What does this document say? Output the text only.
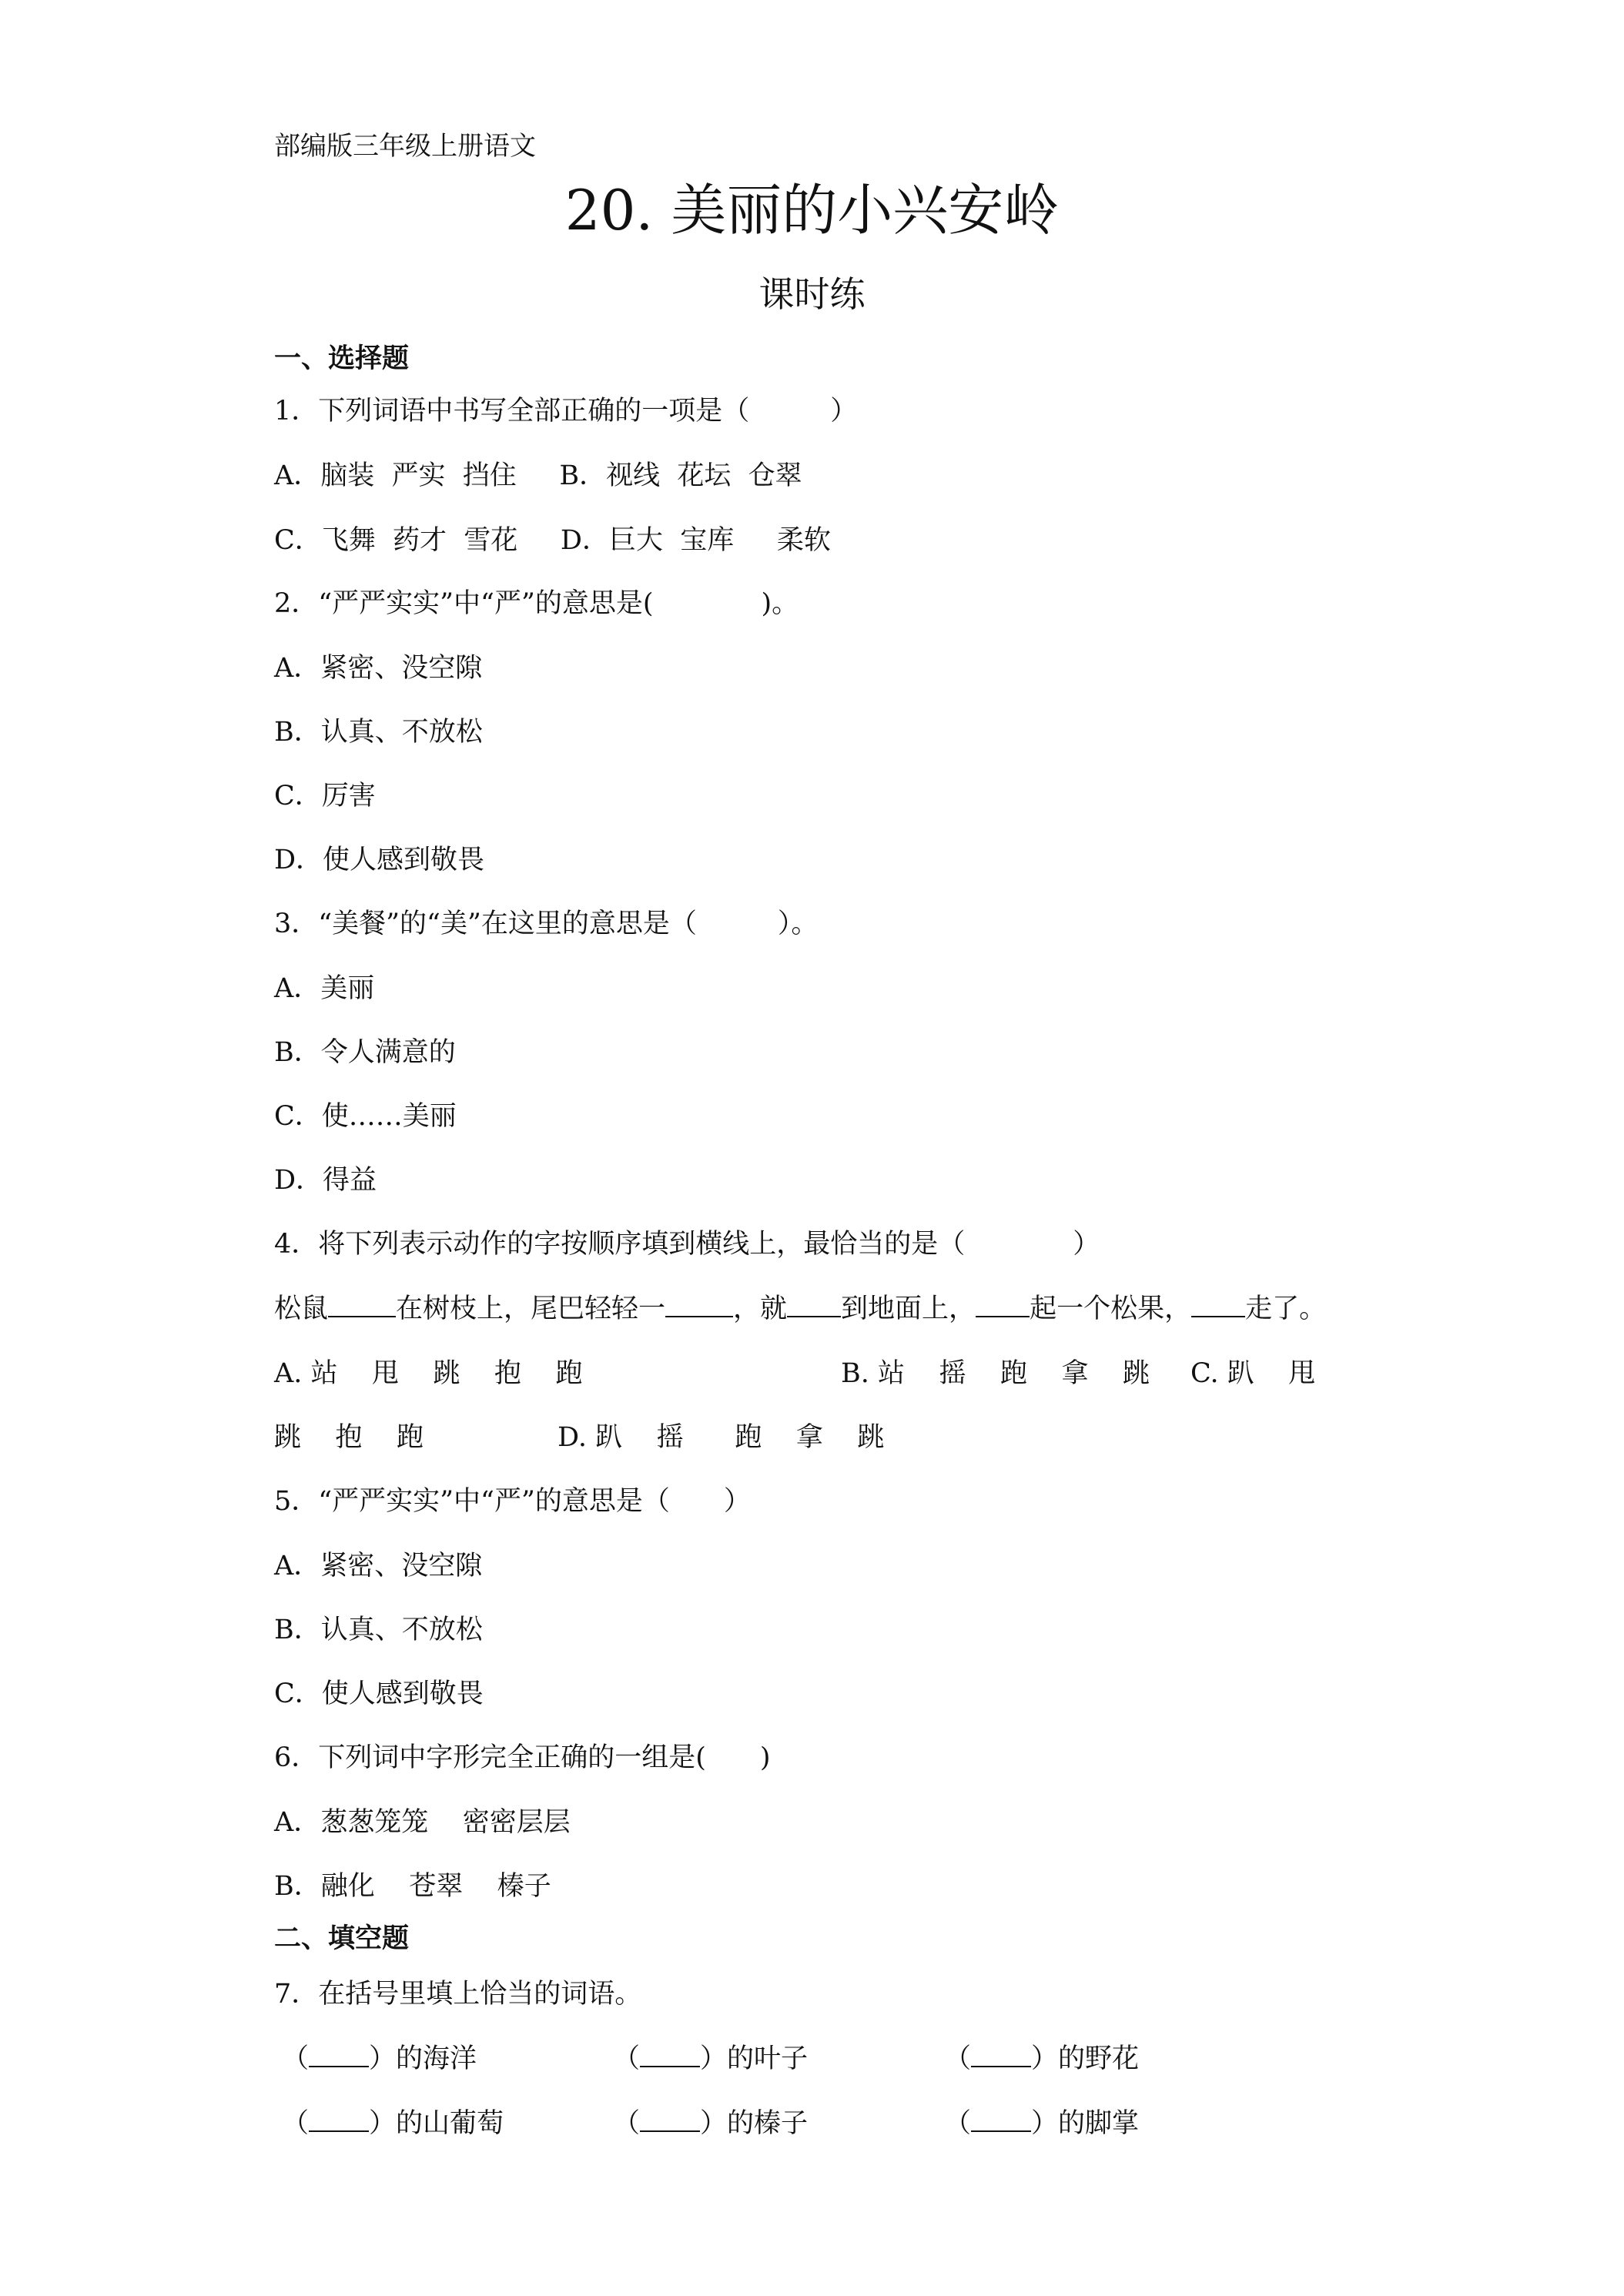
部编版三年级上册语文
20. 美丽的小兴安岭
课时练
一、选择题
1．下列词语中书写全部正确的一项是（　　　）
A．脑装  严实  挡住     B．视线  花坛  仓翠
C．飞舞  药才  雪花     D．巨大  宝库     柔软
2．“严严实实”中“严”的意思是(　　　　)。
A．紧密、没空隙
B．认真、不放松
C．厉害
D．使人感到敬畏
3．“美餐”的“美”在这里的意思是（　　　）。
A．美丽
B．令人满意的
C．使……美丽
D．得益
4．将下列表示动作的字按顺序填到横线上，最恰当的是（　　　　）
松鼠	在树枝上，尾巴轻轻一	，就 到地面上， 起一个松果， 走了。
A. 站    甩    跳    抱    跑	B. 站    摇    跑    拿    跳 C. 趴    甩
跳    抱    跑	D. 趴    摇      跑    拿    跳
5．“严严实实”中“严”的意思是（　　）
A．紧密、没空隙
B．认真、不放松
C．使人感到敬畏
6．下列词中字形完全正确的一组是(　　)
A．葱葱笼笼    密密层层
B．融化    苍翠    榛子
二、填空题
7．在括号里填上恰当的词语。
（ ）的海洋	（ ）的叶子	（ ）的野花
（ ）的山葡萄	（ ）的榛子	（ ）的脚掌
